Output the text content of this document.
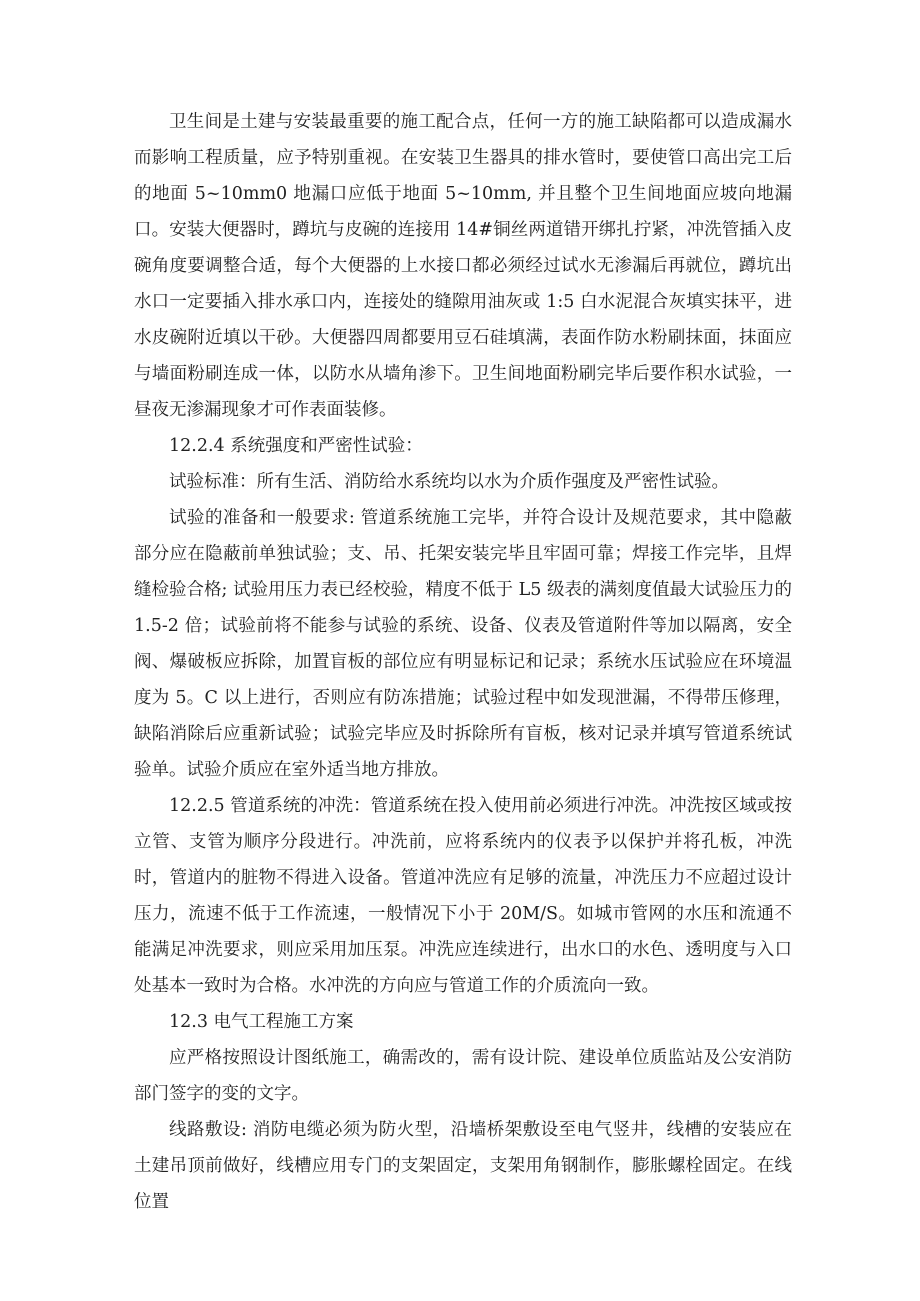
卫生间是土建与安装最重要的施工配合点，任何一方的施工缺陷都可以造成漏水而影响工程质量，应予特别重视。在安装卫生器具的排水管时，要使管口高出完工后的地面 5~10mm0 地漏口应低于地面 5~10mm, 并且整个卫生间地面应坡向地漏口。安装大便器时，蹲坑与皮碗的连接用 14#铜丝两道错开绑扎拧紧，冲洗管插入皮碗角度要调整合适，每个大便器的上水接口都必须经过试水无渗漏后再就位，蹲坑出水口一定要插入排水承口内，连接处的缝隙用油灰或 1:5 白水泥混合灰填实抹平，进水皮碗附近填以干砂。大便器四周都要用豆石硅填满，表面作防水粉刷抹面，抹面应与墙面粉刷连成一体，以防水从墙角渗下。卫生间地面粉刷完毕后要作积水试验，一昼夜无渗漏现象才可作表面装修。

12.2.4 系统强度和严密性试验：

试验标准：所有生活、消防给水系统均以水为介质作强度及严密性试验。

试验的准备和一般要求: 管道系统施工完毕，并符合设计及规范要求，其中隐蔽部分应在隐蔽前单独试验；支、吊、托架安装完毕且牢固可靠；焊接工作完毕，且焊缝检验合格; 试验用压力表已经校验，精度不低于 L5 级表的满刻度值最大试验压力的 1.5-2 倍；试验前将不能参与试验的系统、设备、仪表及管道附件等加以隔离，安全阀、爆破板应拆除，加置盲板的部位应有明显标记和记录；系统水压试验应在环境温度为 5。C 以上进行，否则应有防冻措施；试验过程中如发现泄漏，不得带压修理，缺陷消除后应重新试验；试验完毕应及时拆除所有盲板，核对记录并填写管道系统试验单。试验介质应在室外适当地方排放。

12.2.5 管道系统的冲洗：管道系统在投入使用前必须进行冲洗。冲洗按区域或按立管、支管为顺序分段进行。冲洗前，应将系统内的仪表予以保护并将孔板，冲洗时，管道内的脏物不得进入设备。管道冲洗应有足够的流量，冲洗压力不应超过设计压力，流速不低于工作流速，一般情况下小于 20M/S。如城市管网的水压和流通不能满足冲洗要求，则应采用加压泵。冲洗应连续进行，出水口的水色、透明度与入口处基本一致时为合格。水冲洗的方向应与管道工作的介质流向一致。

12.3 电气工程施工方案

应严格按照设计图纸施工，确需改的，需有设计院、建设单位质监站及公安消防部门签字的变的文字。

线路敷设: 消防电缆必须为防火型，沿墙桥架敷设至电气竖井，线槽的安装应在土建吊顶前做好，线槽应用专门的支架固定，支架用角钢制作，膨胀螺栓固定。在线位置
